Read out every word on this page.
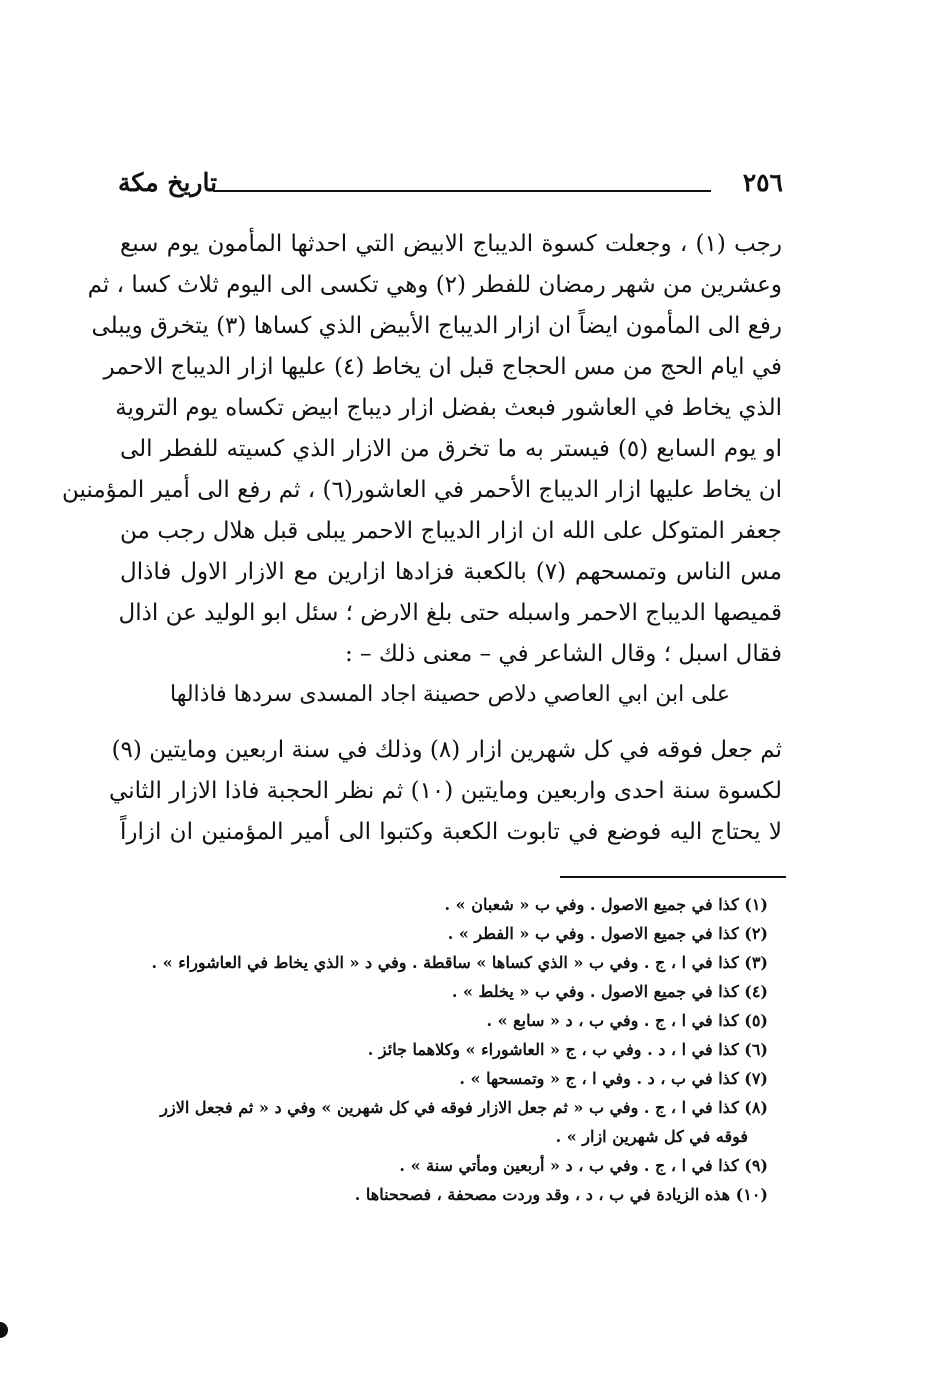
٢٥٦
تاريخ مكة
رجب (١) ، وجعلت كسوة الديباج الابيض التي احدثها المأمون يوم سبع
وعشرين من شهر رمضان للفطر (٢) وهي تكسى الى اليوم ثلاث كسا ، ثم
رفع الى المأمون ايضاً ان ازار الديباج الأبيض الذي كساها (٣) يتخرق ويبلى
في ايام الحج من مس الحجاج قبل ان يخاط (٤) عليها ازار الديباج الاحمر
الذي يخاط في العاشور فبعث بفضل ازار ديباج ابيض تكساه يوم التروية
او يوم السابع (٥) فيستر به ما تخرق من الازار الذي كسيته للفطر الى
ان يخاط عليها ازار الديباج الأحمر في العاشور(٦) ، ثم رفع الى أمير المؤمنين
جعفر المتوكل على الله ان ازار الديباج الاحمر يبلى قبل هلال رجب من
مس الناس وتمسحهم (٧) بالكعبة فزادها ازارين مع الازار الاول فاذال
قميصها الديباج الاحمر واسبله حتى بلغ الارض ؛ سئل ابو الوليد عن اذال
فقال اسبل ؛ وقال الشاعر في – معنى ذلك – :
على ابن ابي العاصي دلاص حصينة
اجاد المسدى سردها فاذالها
ثم جعل فوقه في كل شهرين ازار (٨) وذلك في سنة اربعين ومايتين (٩)
لكسوة سنة احدى واربعين ومايتين (١٠) ثم نظر الحجبة فاذا الازار الثاني
لا يحتاج اليه فوضع في تابوت الكعبة وكتبوا الى أمير المؤمنين ان ازاراً
(١) كذا في جميع الاصول . وفي ب « شعبان » .
(٢) كذا في جميع الاصول . وفي ب « الفطر » .
(٣) كذا في ا ، ج . وفي ب « الذي كساها » ساقطة . وفي د « الذي يخاط في العاشوراء » .
(٤) كذا في جميع الاصول . وفي ب « يخلط » .
(٥) كذا في ا ، ج . وفي ب ، د « سابع » .
(٦) كذا في ا ، د . وفي ب ، ج « العاشوراء » وكلاهما جائز .
(٧) كذا في ب ، د . وفي ا ، ج « وتمسحها » .
(٨) كذا في ا ، ج . وفي ب « ثم جعل الازار فوقه في كل شهرين » وفي د « ثم فجعل الازر
فوقه في كل شهرين ازار » .
(٩) كذا في ا ، ج . وفي ب ، د « أربعين ومأتي سنة » .
(١٠) هذه الزيادة في ب ، د ، وقد وردت مصحفة ، فصححناها .
